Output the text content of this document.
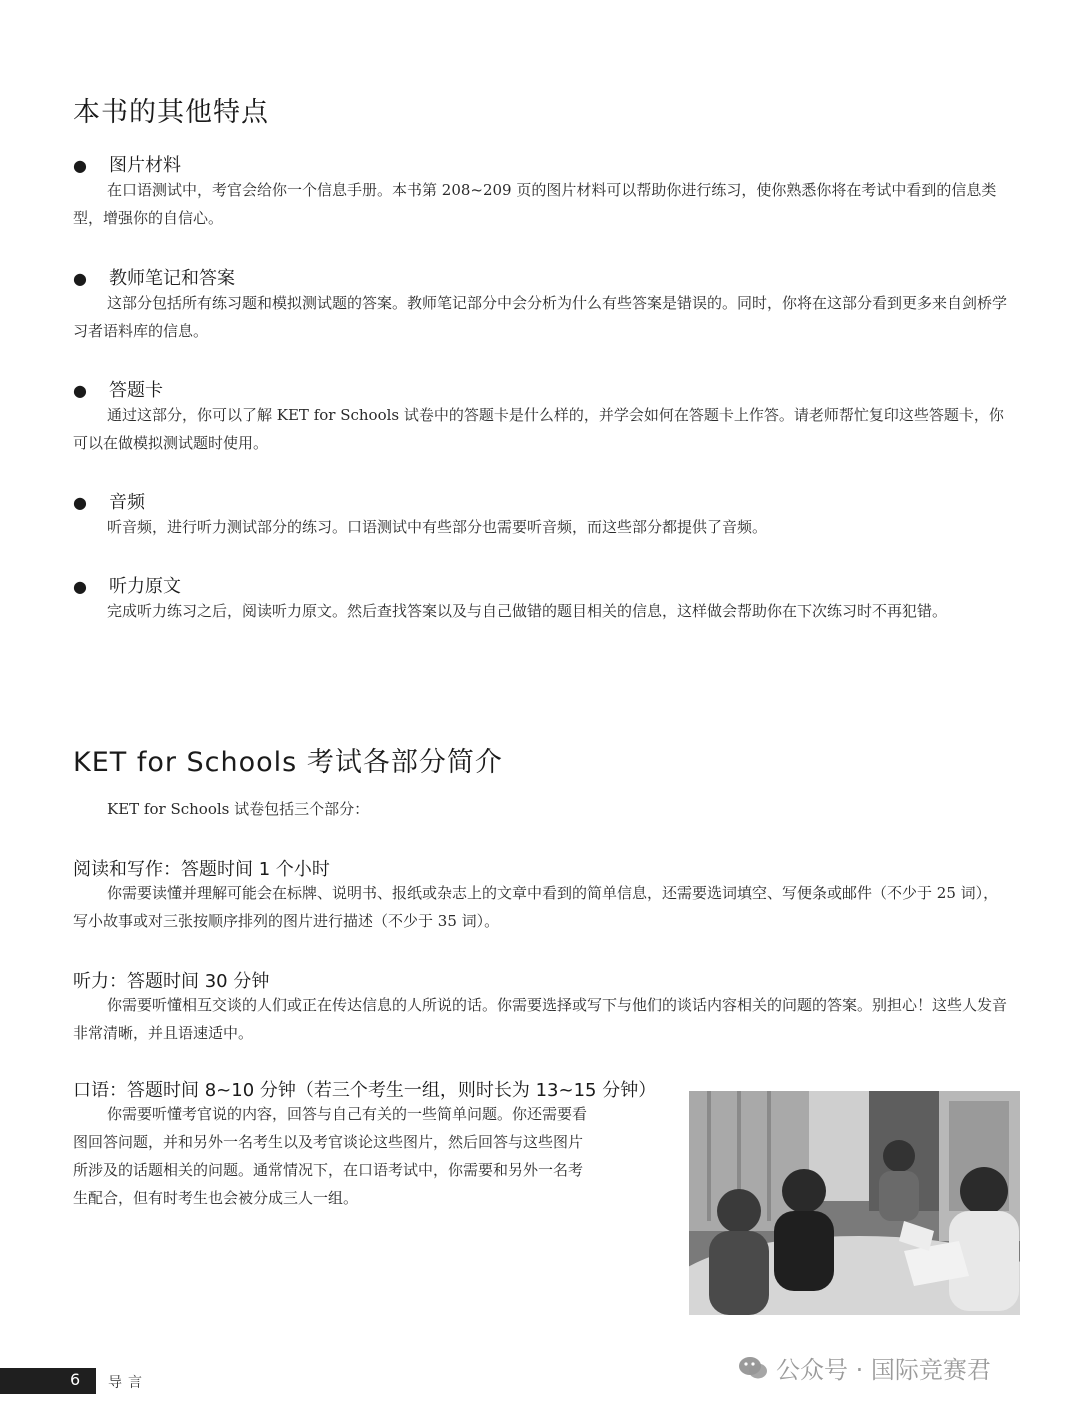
本书的其他特点
● 图片材料

在口语测试中，考官会给你一个信息手册。本书第 208~209 页的图片材料可以帮助你进行练习，使你熟悉你将在考试中看到的信息类型，增强你的自信心。

● 教师笔记和答案

这部分包括所有练习题和模拟测试题的答案。教师笔记部分中会分析为什么有些答案是错误的。同时，你将在这部分看到更多来自剑桥学习者语料库的信息。

● 答题卡

通过这部分，你可以了解 KET for Schools 试卷中的答题卡是什么样的，并学会如何在答题卡上作答。请老师帮忙复印这些答题卡，你可以在做模拟测试题时使用。

● 音频

听音频，进行听力测试部分的练习。口语测试中有些部分也需要听音频，而这些部分都提供了音频。

● 听力原文

完成听力练习之后，阅读听力原文。然后查找答案以及与自己做错的题目相关的信息，这样做会帮助你在下次练习时不再犯错。

KET for Schools 考试各部分简介

KET for Schools 试卷包括三个部分：

阅读和写作：答题时间 1 个小时

你需要读懂并理解可能会在标牌、说明书、报纸或杂志上的文章中看到的简单信息，还需要选词填空、写便条或邮件（不少于 25 词），写小故事或对三张按顺序排列的图片进行描述（不少于 35 词）。

听力：答题时间 30 分钟

你需要听懂相互交谈的人们或正在传达信息的人所说的话。你需要选择或写下与他们的谈话内容相关的问题的答案。别担心！这些人发音非常清晰，并且语速适中。

口语：答题时间 8~10 分钟（若三个考生一组，则时长为 13~15 分钟）

你需要听懂考官说的内容，回答与自己有关的一些简单问题。你还需要看图回答问题，并和另外一名考生以及考官谈论这些图片，然后回答与这些图片所涉及的话题相关的问题。通常情况下，在口语考试中，你需要和另外一名考生配合，但有时考生也会被分成三人一组。

6 导言	公众号 · 国际竞赛君
